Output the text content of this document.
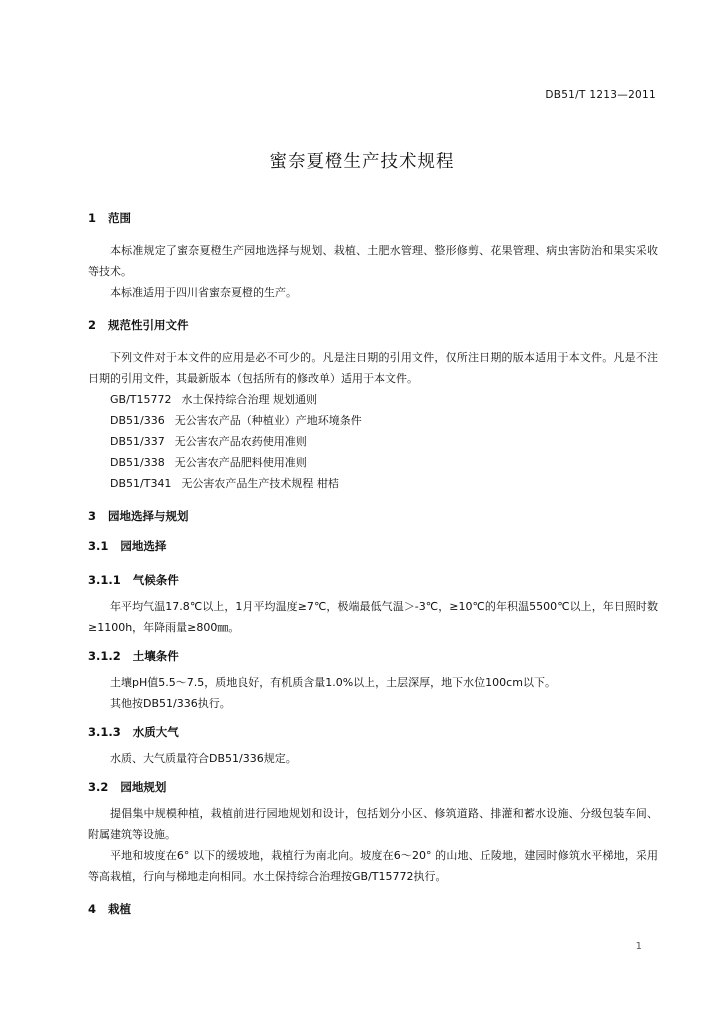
DB51/T 1213—2011
蜜奈夏橙生产技术规程
1 范围

本标准规定了蜜奈夏橙生产园地选择与规划、栽植、土肥水管理、整形修剪、花果管理、病虫害防治和果实采收等技术。

本标准适用于四川省蜜奈夏橙的生产。

2 规范性引用文件

下列文件对于本文件的应用是必不可少的。凡是注日期的引用文件，仅所注日期的版本适用于本文件。凡是不注日期的引用文件，其最新版本（包括所有的修改单）适用于本文件。

GB/T15772 水土保持综合治理 规划通则

DB51/336 无公害农产品（种植业）产地环境条件

DB51/337 无公害农产品农药使用准则

DB51/338 无公害农产品肥料使用准则

DB51/T341 无公害农产品生产技术规程 柑桔

3 园地选择与规划
3.1 园地选择
3.1.1 气候条件

年平均气温17.8℃以上，1月平均温度≥7℃，极端最低气温＞-3℃，≥10℃的年积温5500℃以上，年日照时数≥1100h，年降雨量≥800㎜。

3.1.2 土壤条件

土壤pH值5.5～7.5，质地良好，有机质含量1.0%以上，土层深厚，地下水位100cm以下。

其他按DB51/336执行。

3.1.3 水质大气

水质、大气质量符合DB51/336规定。

3.2 园地规划

提倡集中规模种植，栽植前进行园地规划和设计，包括划分小区、修筑道路、排灌和蓄水设施、分级包装车间、附属建筑等设施。

平地和坡度在6° 以下的缓坡地，栽植行为南北向。坡度在6～20° 的山地、丘陵地，建园时修筑水平梯地，采用等高栽植，行向与梯地走向相同。水土保持综合治理按GB/T15772执行。

4 栽植
1
